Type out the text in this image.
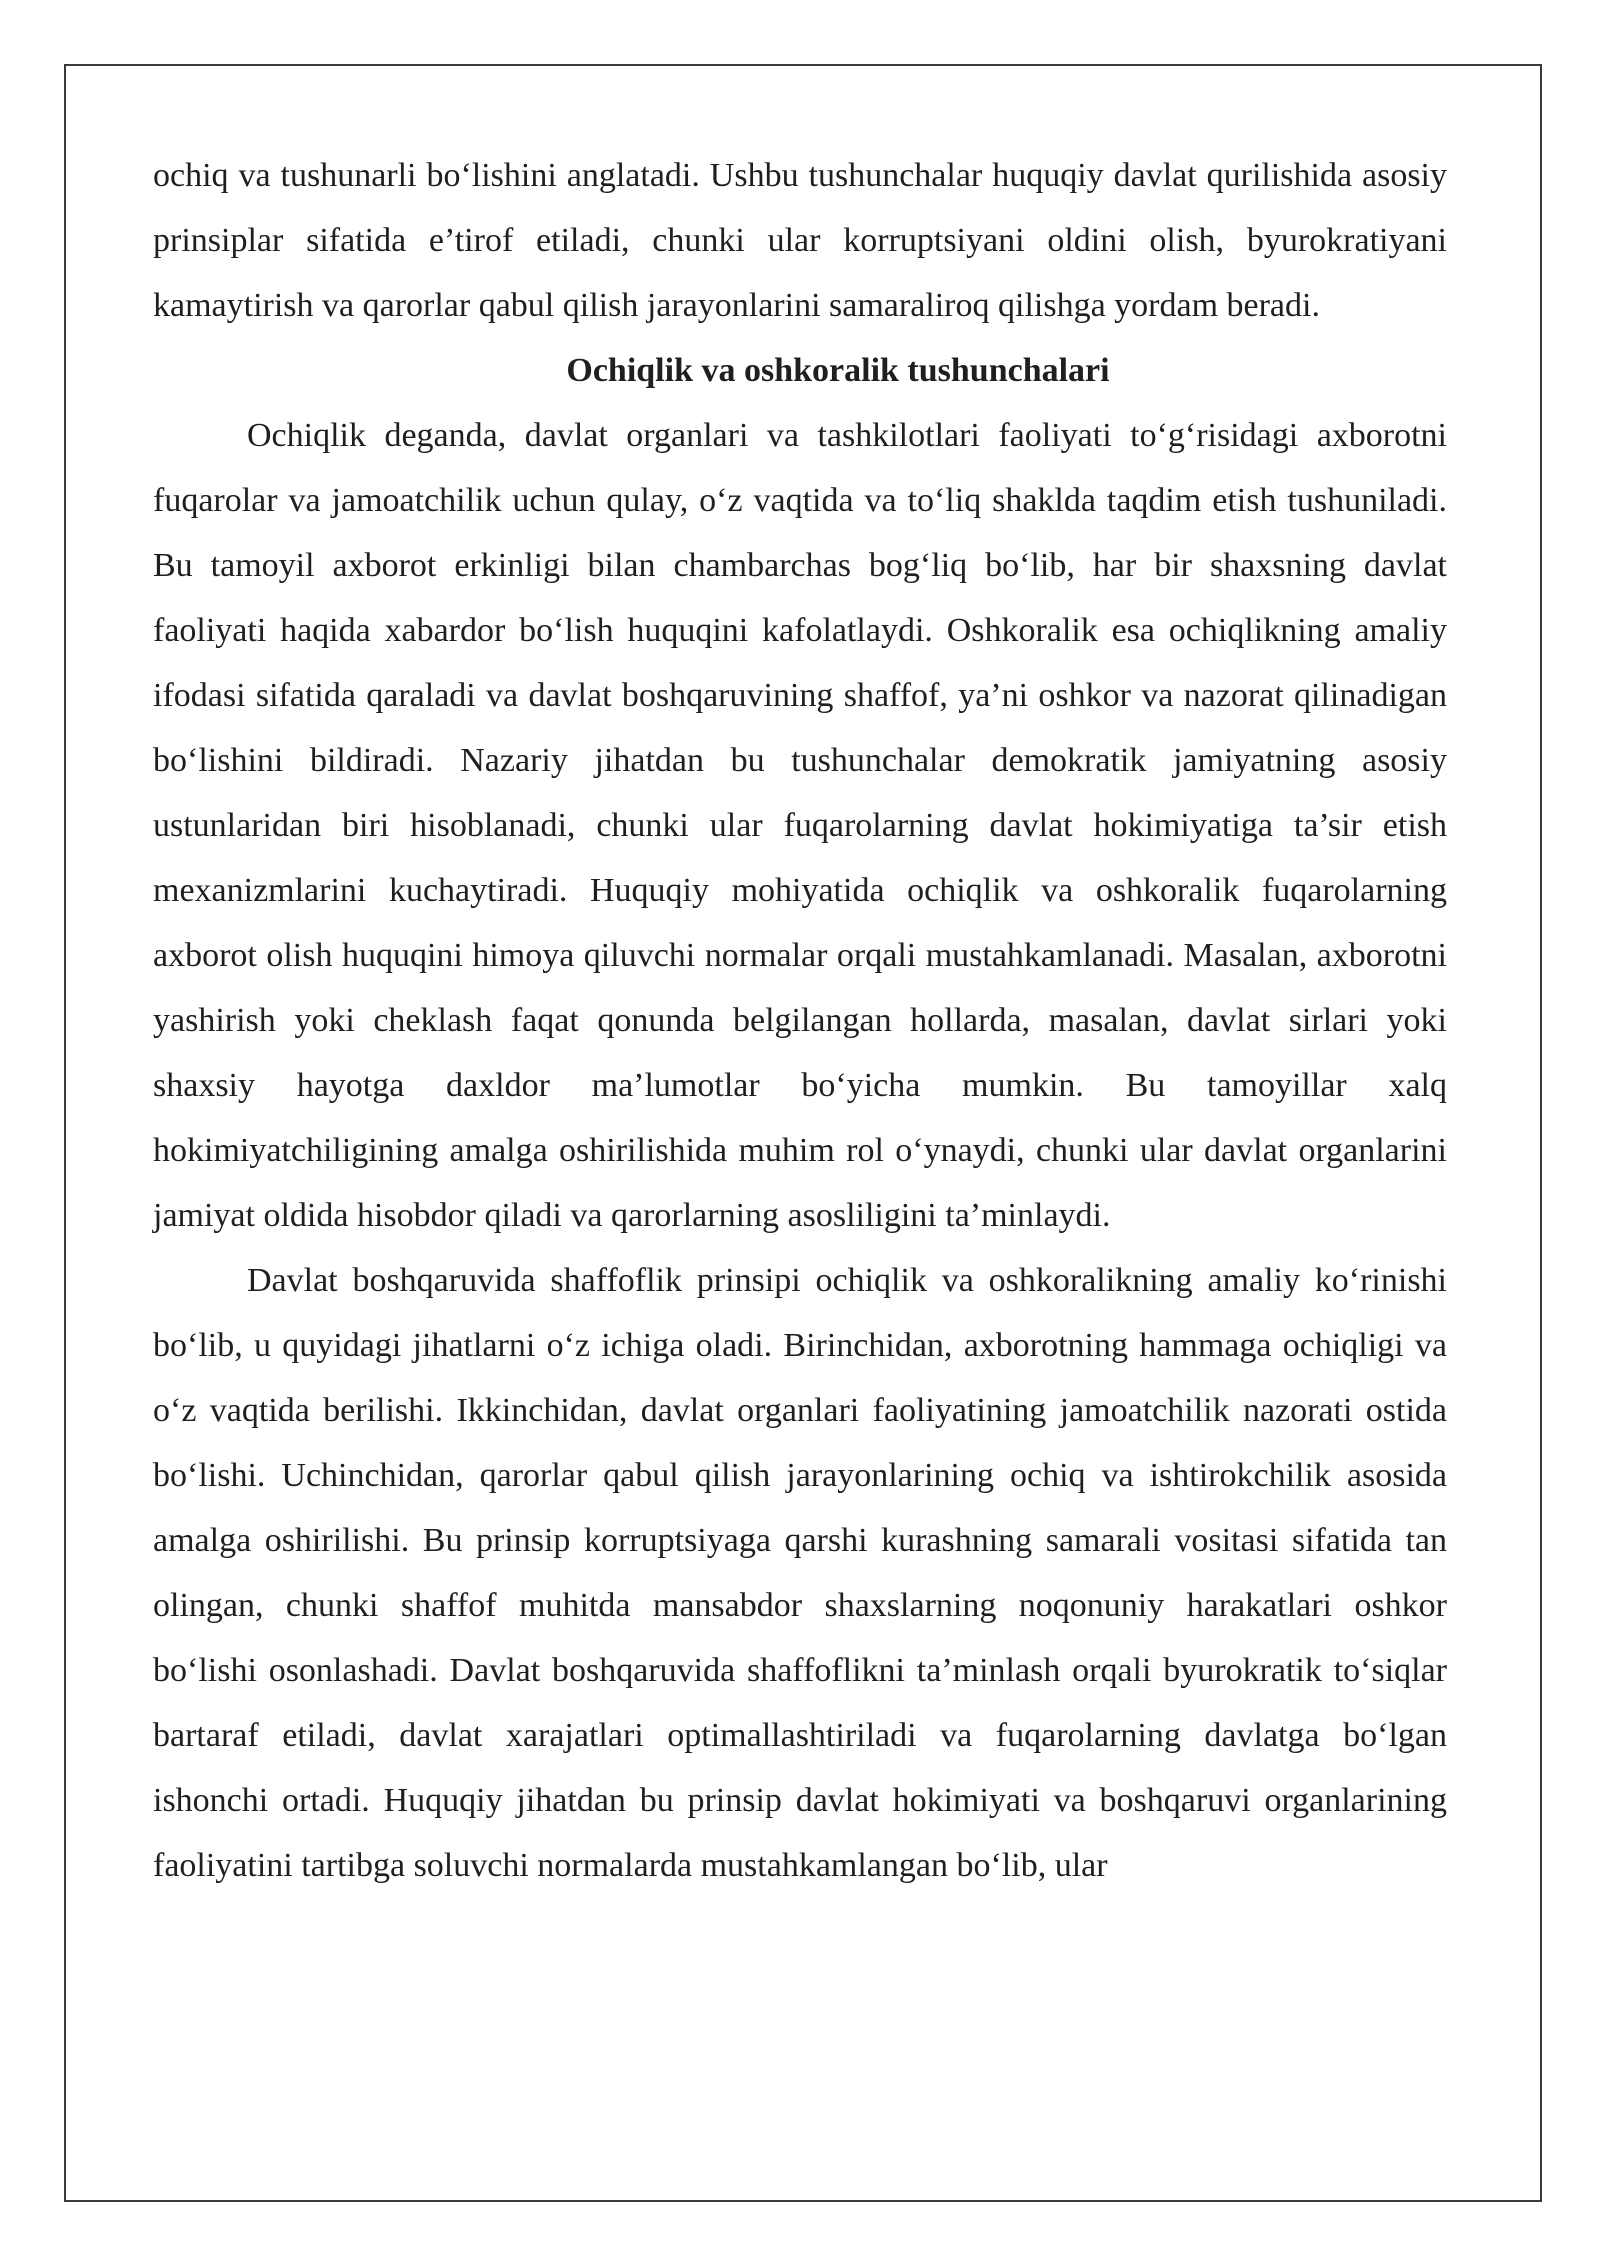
ochiq va tushunarli bo‘lishini anglatadi. Ushbu tushunchalar huquqiy davlat qurilishida asosiy prinsiplar sifatida e’tirof etiladi, chunki ular korruptsiyani oldini olish, byurokratiyani kamaytirish va qarorlar qabul qilish jarayonlarini samaraliroq qilishga yordam beradi.

Ochiqlik va oshkoralik tushunchalari

Ochiqlik deganda, davlat organlari va tashkilotlari faoliyati to‘g‘risidagi axborotni fuqarolar va jamoatchilik uchun qulay, o‘z vaqtida va to‘liq shaklda taqdim etish tushuniladi. Bu tamoyil axborot erkinligi bilan chambarchas bog‘liq bo‘lib, har bir shaxsning davlat faoliyati haqida xabardor bo‘lish huquqini kafolatlaydi. Oshkoralik esa ochiqlikning amaliy ifodasi sifatida qaraladi va davlat boshqaruvining shaffof, ya’ni oshkor va nazorat qilinadigan bo‘lishini bildiradi. Nazariy jihatdan bu tushunchalar demokratik jamiyatning asosiy ustunlaridan biri hisoblanadi, chunki ular fuqarolarning davlat hokimiyatiga ta’sir etish mexanizmlarini kuchaytiradi. Huquqiy mohiyatida ochiqlik va oshkoralik fuqarolarning axborot olish huquqini himoya qiluvchi normalar orqali mustahkamlanadi. Masalan, axborotni yashirish yoki cheklash faqat qonunda belgilangan hollarda, masalan, davlat sirlari yoki shaxsiy hayotga daxldor ma’lumotlar bo‘yicha mumkin. Bu tamoyillar xalq hokimiyatchiligining amalga oshirilishida muhim rol o‘ynaydi, chunki ular davlat organlarini jamiyat oldida hisobdor qiladi va qarorlarning asosliligini ta’minlaydi.

Davlat boshqaruvida shaffoflik prinsipi ochiqlik va oshkoralikning amaliy ko‘rinishi bo‘lib, u quyidagi jihatlarni o‘z ichiga oladi. Birinchidan, axborotning hammaga ochiqligi va o‘z vaqtida berilishi. Ikkinchidan, davlat organlari faoliyatining jamoatchilik nazorati ostida bo‘lishi. Uchinchidan, qarorlar qabul qilish jarayonlarining ochiq va ishtirokchilik asosida amalga oshirilishi. Bu prinsip korruptsiyaga qarshi kurashning samarali vositasi sifatida tan olingan, chunki shaffof muhitda mansabdor shaxslarning noqonuniy harakatlari oshkor bo‘lishi osonlashadi. Davlat boshqaruvida shaffoflikni ta’minlash orqali byurokratik to‘siqlar bartaraf etiladi, davlat xarajatlari optimallashtiriladi va fuqarolarning davlatga bo‘lgan ishonchi ortadi. Huquqiy jihatdan bu prinsip davlat hokimiyati va boshqaruvi organlarining faoliyatini tartibga soluvchi normalarda mustahkamlangan bo‘lib, ular
